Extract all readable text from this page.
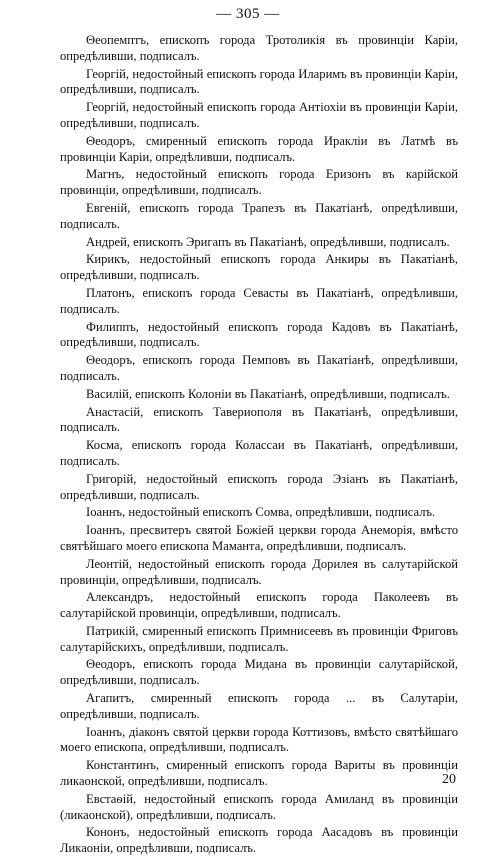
— 305 —

Θеопемптъ, епископъ города Тротоликія въ провинціи Каріи, опредѣливши, подписалъ.

Георгій, недостойный епископъ города Иларимъ въ провинціи Каріи, опредѣливши, подписалъ.

Георгій, недостойный епископъ города Антіохіи въ провинціи Каріи, опредѣливши, подписалъ.

Θеодоръ, смиренный епископъ города Иракліи въ Латмѣ въ провинціи Каріи, опредѣливши, подписалъ.

Магнъ, недостойный епископъ города Еризонъ въ карійской провинціи, опредѣливши, подписалъ.

Евгеній, епископъ города Трапезъ въ Пакатіанѣ, опредѣливши, подписалъ.

Андрей, епископъ Эригапъ въ Пакатіанѣ, опредѣливши, подписалъ.

Кирикъ, недостойный епископъ города Анкиры въ Пакатіанѣ, опредѣливши, подписалъ.

Платонъ, епископъ города Севасты въ Пакатіанѣ, опредѣливши, подписалъ.

Филиппъ, недостойный епископъ города Кадовъ въ Пакатіанѣ, опредѣливши, подписалъ.

Θеодоръ, епископъ города Пемповъ въ Пакатіанѣ, опредѣливши, подписалъ.

Василій, епископъ Колоніи въ Пакатіанѣ, опредѣливши, подписалъ.

Анастасій, епископъ Тавериополя въ Пакатіанѣ, опредѣливши, подписалъ.

Косма, епископъ города Колассаи въ Пакатіанѣ, опредѣливши, подписалъ.

Григорій, недостойный епископъ города Эзіанъ въ Пакатіанѣ, опредѣливши, подписалъ.

Іоаннъ, недостойный епископъ Сомва, опредѣливши, подписалъ.

Іоаннъ, пресвитеръ святой Божіей церкви города Анеморія, вмѣсто святѣйшаго моего епископа Маманта, опредѣливши, подписалъ.

Леонтій, недостойный епископъ города Дорилея въ салутарійской провинціи, опредѣливши, подписалъ.

Александръ, недостойный епископъ города Паколеевъ въ салутарійской провинціи, опредѣливши, подписалъ.

Патрикій, смиренный епископъ Примнисеевъ въ провинціи Фриговъ салутарійскихъ, опредѣливши, подписалъ.

Θеодоръ, епископъ города Мидана въ провинціи салутарійской, опредѣливши, подписалъ.

Агапитъ, смиренный епископъ города ... въ Салутаріи, опредѣливши, подписалъ.

Іоаннъ, діаконъ святой церкви города Коттизовъ, вмѣсто святѣйшаго моего епископа, опредѣливши, подписалъ.

Константинъ, смиренный епископъ города Вариты въ провинціи ликаонской, опредѣливши, подписалъ.

Евстаѳій, недостойный епископъ города Амиланд въ провинціи (ликаонской), опредѣливши, подписалъ.

Кононъ, недостойный епископъ города Аасадовъ въ провинціи Ликаоніи, опредѣливши, подписалъ.

20
